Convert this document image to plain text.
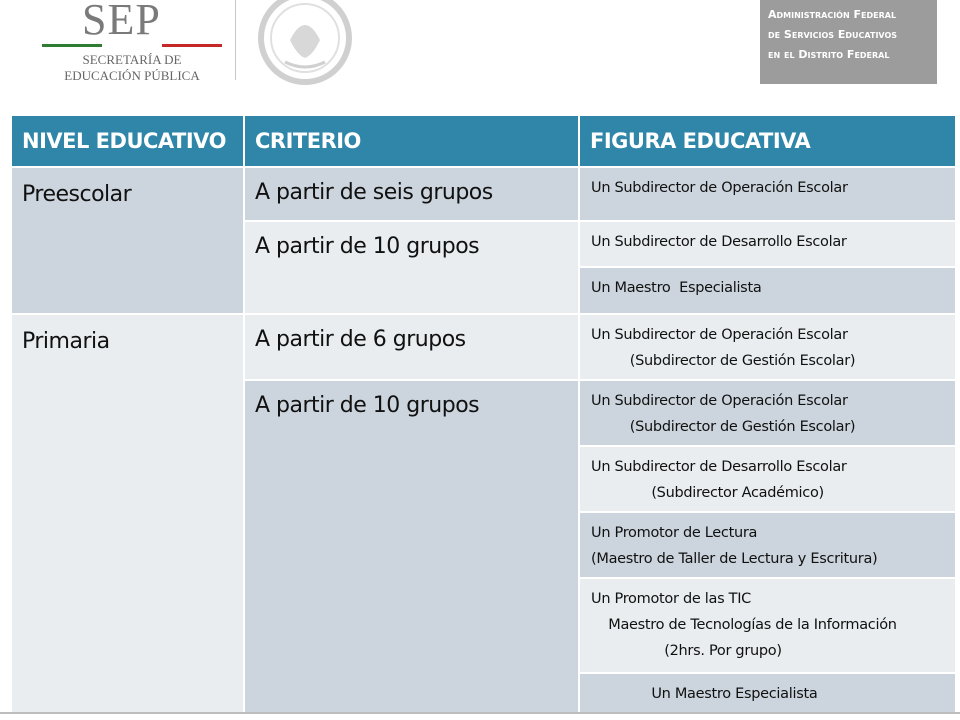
SEP
SECRETARÍA DE
EDUCACIÓN PÚBLICA
Administración Federal
de Servicios Educativos
en el Distrito Federal
NIVEL EDUCATIVO	CRITERIO	FIGURA EDUCATIVA
Preescolar	A partir de seis grupos	Un Subdirector de Operación Escolar
A partir de 10 grupos	Un Subdirector de Desarrollo Escolar
Un Maestro  Especialista
Primaria	A partir de 6 grupos	Un Subdirector de Operación Escolar
(Subdirector de Gestión Escolar)
A partir de 10 grupos	Un Subdirector de Operación Escolar
(Subdirector de Gestión Escolar)
Un Subdirector de Desarrollo Escolar
(Subdirector Académico)
Un Promotor de Lectura
(Maestro de Taller de Lectura y Escritura)
Un Promotor de las TIC
Maestro de Tecnologías de la Información
(2hrs. Por grupo)
Un Maestro Especialista
